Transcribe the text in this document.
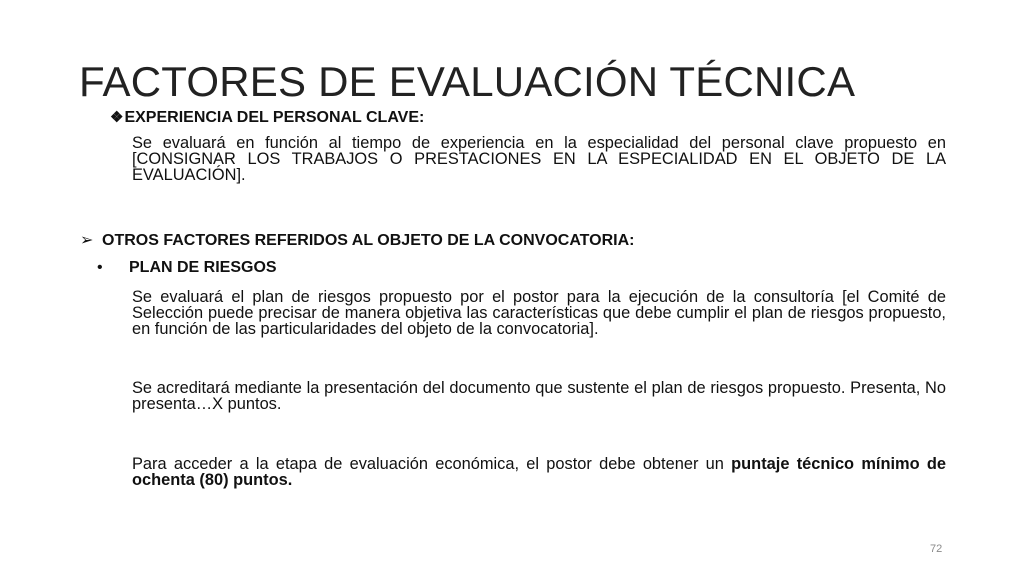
FACTORES DE EVALUACIÓN TÉCNICA
❖EXPERIENCIA DEL PERSONAL CLAVE:
Se evaluará en función al tiempo de experiencia en la especialidad del personal clave propuesto en [CONSIGNAR LOS TRABAJOS O PRESTACIONES EN LA ESPECIALIDAD EN EL OBJETO DE LA EVALUACIÓN].
➢ OTROS FACTORES REFERIDOS AL OBJETO DE LA CONVOCATORIA:
• PLAN DE RIESGOS
Se evaluará el plan de riesgos propuesto por el postor para la ejecución de la consultoría [el Comité de Selección puede precisar de manera objetiva las características que debe cumplir el plan de riesgos propuesto, en función de las particularidades del objeto de la convocatoria].
Se acreditará mediante la presentación del documento que sustente el plan de riesgos propuesto. Presenta, No presenta…X puntos.
Para acceder a la etapa de evaluación económica, el postor debe obtener un puntaje técnico mínimo de ochenta (80) puntos.
72
